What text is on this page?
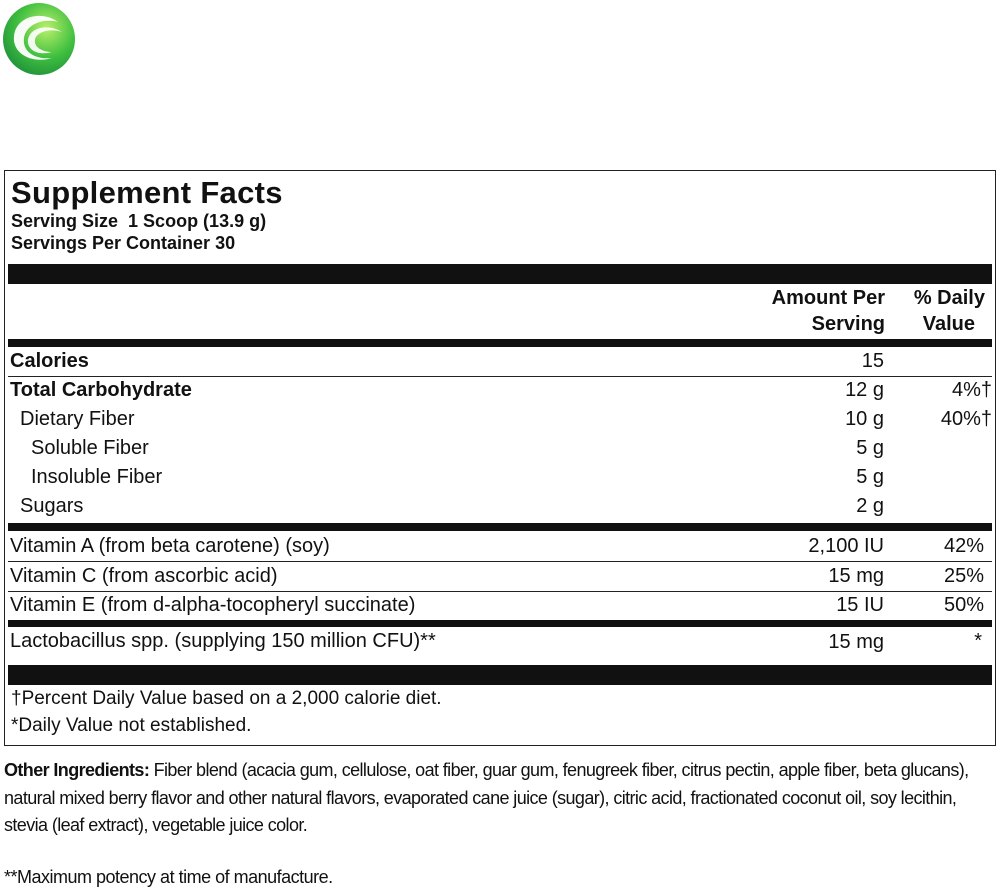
Supplement Facts
Serving Size  1 Scoop (13.9 g)
Servings Per Container 30
Amount Per
Serving
% Daily
Value
Calories	15
Total Carbohydrate	12 g	4%†
Dietary Fiber	10 g	40%†
Soluble Fiber	5 g
Insoluble Fiber	5 g
Sugars	2 g
Vitamin A (from beta carotene) (soy)	2,100 IU	42%
Vitamin C (from ascorbic acid)	15 mg	25%
Vitamin E (from d-alpha-tocopheryl succinate)	15 IU	50%
Lactobacillus spp. (supplying 150 million CFU)**	15 mg	*
†Percent Daily Value based on a 2,000 calorie diet.
*Daily Value not established.
Other Ingredients: Fiber blend (acacia gum, cellulose, oat fiber, guar gum, fenugreek fiber, citrus pectin, apple fiber, beta glucans), natural mixed berry flavor and other natural flavors, evaporated cane juice (sugar), citric acid, fractionated coconut oil, soy lecithin, stevia (leaf extract), vegetable juice color.
**Maximum potency at time of manufacture.
